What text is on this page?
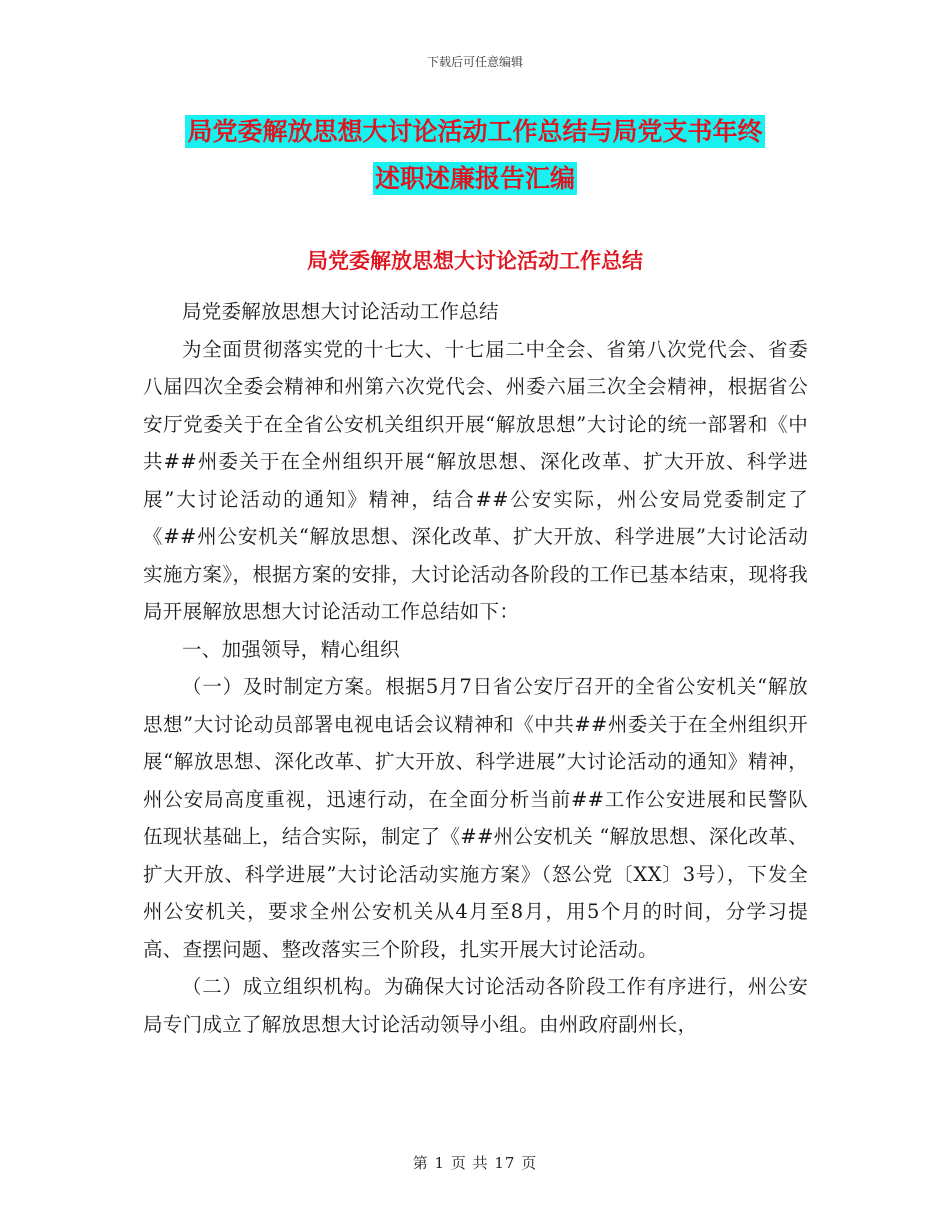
下载后可任意编辑
局党委解放思想大讨论活动工作总结与局党支书年终
述职述廉报告汇编
局党委解放思想大讨论活动工作总结

局党委解放思想大讨论活动工作总结

为全面贯彻落实党的十七大、十七届二中全会、省第八次党代会、省委八届四次全委会精神和州第六次党代会、州委六届三次全会精神，根据省公安厅党委关于在全省公安机关组织开展“解放思想”大讨论的统一部署和《中共##州委关于在全州组织开展“解放思想、深化改革、扩大开放、科学进展”大讨论活动的通知》精神，结合##公安实际，州公安局党委制定了《##州公安机关“解放思想、深化改革、扩大开放、科学进展”大讨论活动实施方案》，根据方案的安排，大讨论活动各阶段的工作已基本结束，现将我局开展解放思想大讨论活动工作总结如下：

一、加强领导，精心组织

（一）及时制定方案。根据5月7日省公安厅召开的全省公安机关“解放思想”大讨论动员部署电视电话会议精神和《中共##州委关于在全州组织开展“解放思想、深化改革、扩大开放、科学进展”大讨论活动的通知》精神，州公安局高度重视，迅速行动，在全面分析当前##工作公安进展和民警队伍现状基础上，结合实际，制定了《##州公安机关 “解放思想、深化改革、扩大开放、科学进展”大讨论活动实施方案》（怒公党〔XX〕3号），下发全州公安机关，要求全州公安机关从4月至8月，用5个月的时间，分学习提高、查摆问题、整改落实三个阶段，扎实开展大讨论活动。

（二）成立组织机构。为确保大讨论活动各阶段工作有序进行，州公安局专门成立了解放思想大讨论活动领导小组。由州政府副州长，

第 1 页 共 17 页
